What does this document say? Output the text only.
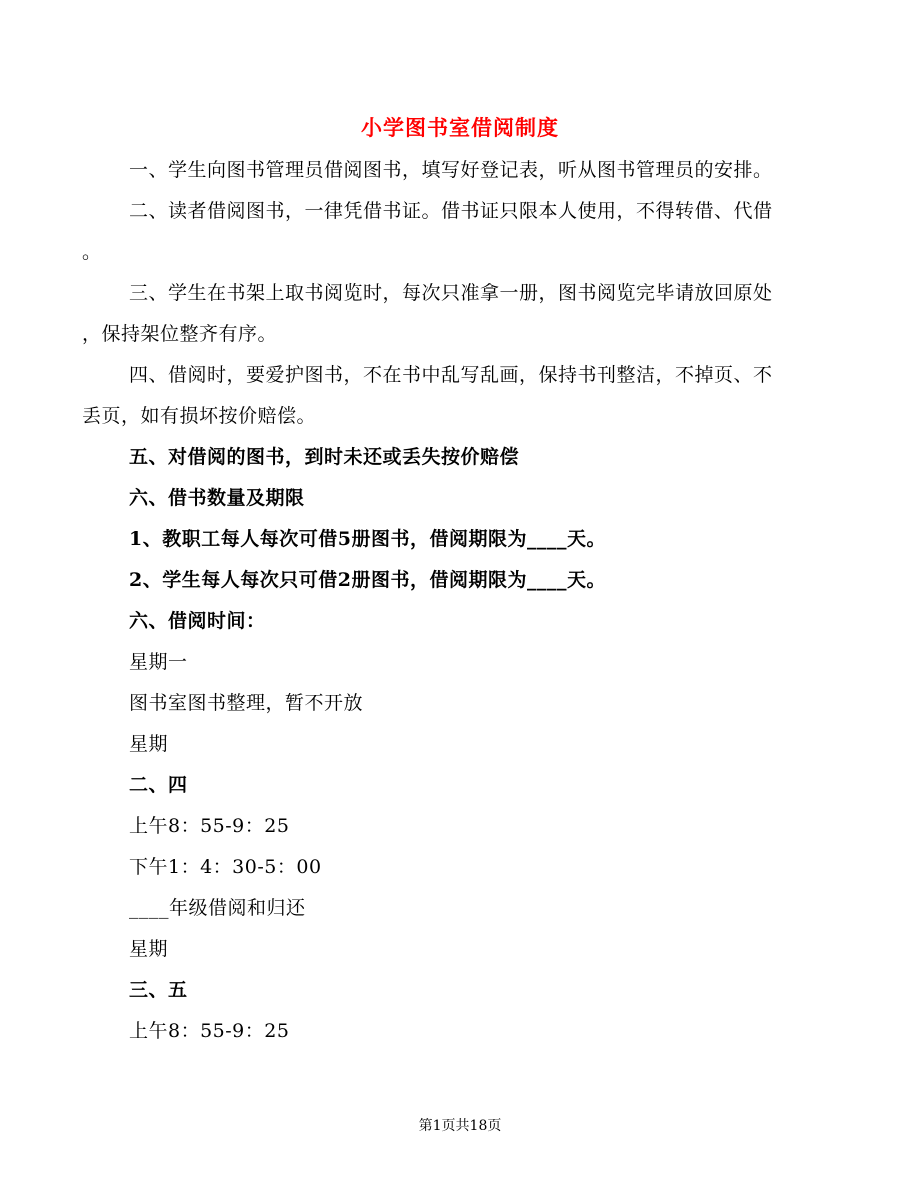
小学图书室借阅制度
一、学生向图书管理员借阅图书，填写好登记表，听从图书管理员的安排。
二、读者借阅图书，一律凭借书证。借书证只限本人使用，不得转借、代借
。
三、学生在书架上取书阅览时，每次只准拿一册，图书阅览完毕请放回原处
，保持架位整齐有序。
四、借阅时，要爱护图书，不在书中乱写乱画，保持书刊整洁，不掉页、不
丢页，如有损坏按价赔偿。
五、对借阅的图书，到时未还或丢失按价赔偿
六、借书数量及期限
1、教职工每人每次可借5册图书，借阅期限为____天。
2、学生每人每次只可借2册图书，借阅期限为____天。
六、借阅时间：
星期一
图书室图书整理，暂不开放
星期
二、四
上午8：55-9：25
下午1：4：30-5：00
____年级借阅和归还
星期
三、五
上午8：55-9：25
第1页共18页
